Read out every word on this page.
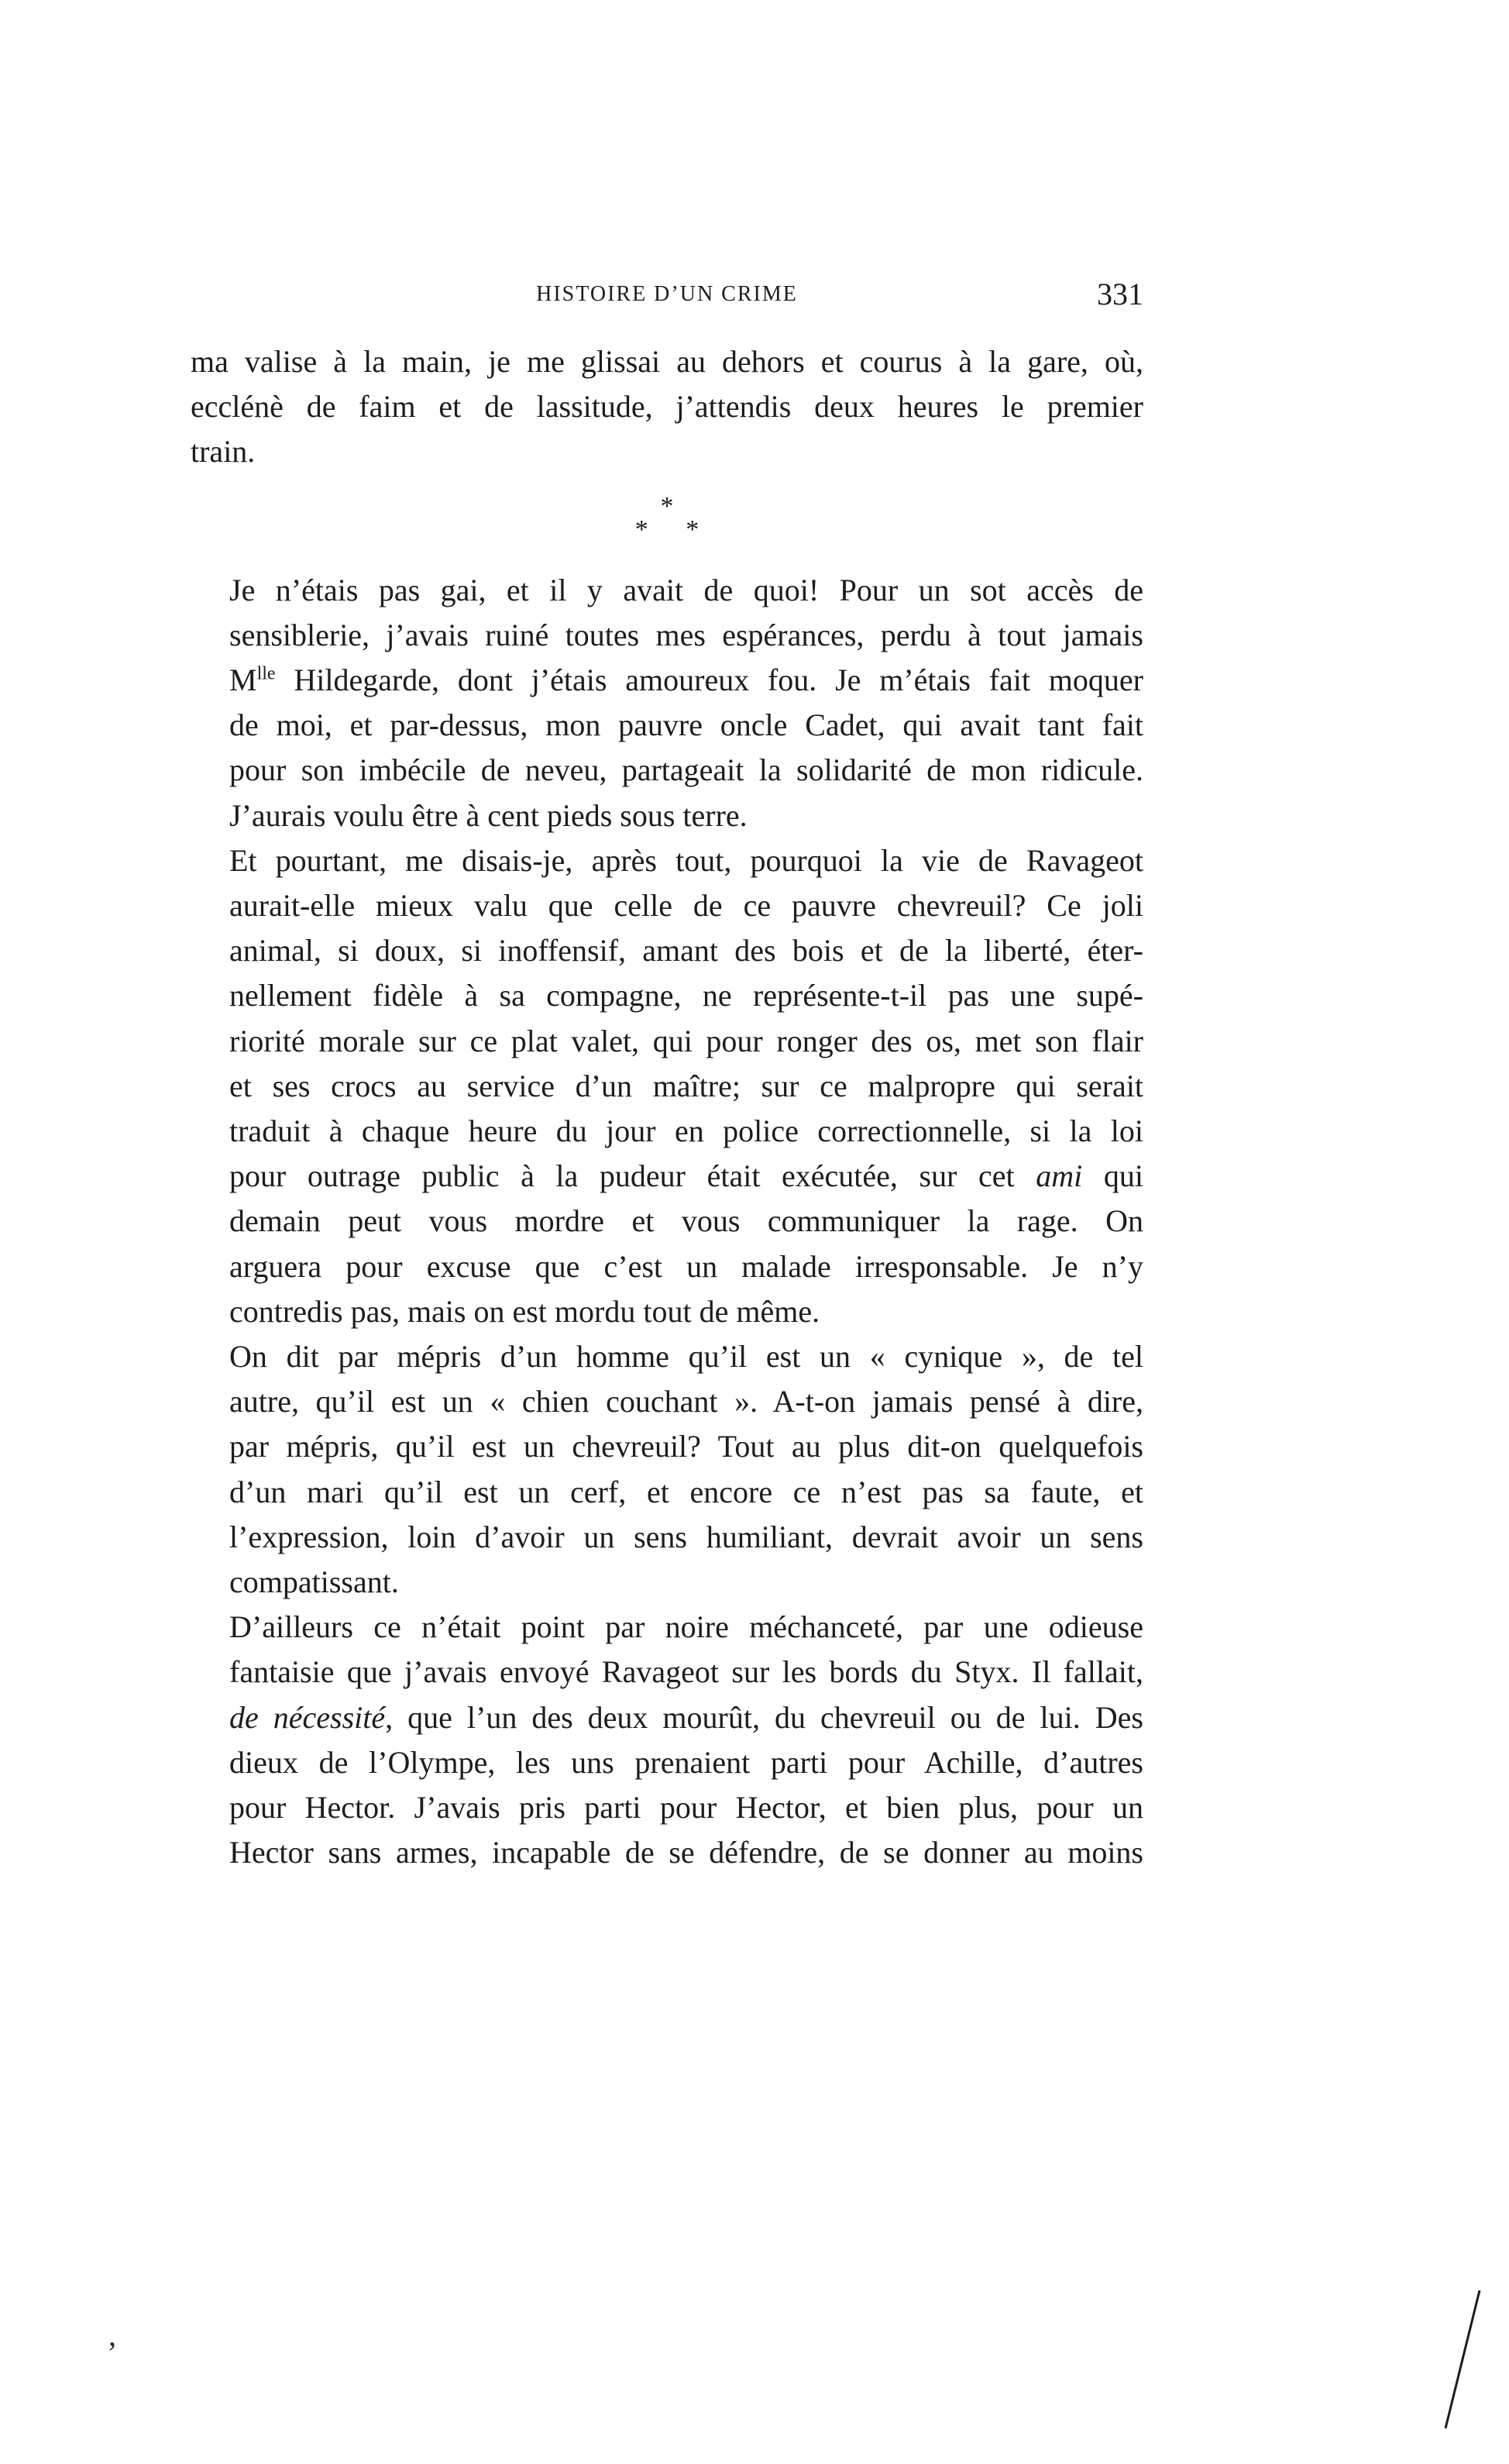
HISTOIRE D’UN CRIME	331

ma valise à la main, je me glissai au dehors et courus à la gare, où,
ecclénè de faim et de lassitude, j’attendis deux heures le premier
train.

*
* *

Je n’étais pas gai, et il y avait de quoi! Pour un sot accès de
sensiblerie, j’avais ruiné toutes mes espérances, perdu à tout jamais
$M^{lle}$ Hildegarde, dont j’étais amoureux fou. Je m’étais fait moquer
de moi, et par-dessus, mon pauvre oncle Cadet, qui avait tant fait
pour son imbécile de neveu, partageait la solidarité de mon ridicule.
J’aurais voulu être à cent pieds sous terre.

Et pourtant, me disais-je, après tout, pourquoi la vie de Ravageot
aurait-elle mieux valu que celle de ce pauvre chevreuil? Ce joli
animal, si doux, si inoffensif, amant des bois et de la liberté, éter-
nellement fidèle à sa compagne, ne représente-t-il pas une supé-
riorité morale sur ce plat valet, qui pour ronger des os, met son flair
et ses crocs au service d’un maître; sur ce malpropre qui serait
traduit à chaque heure du jour en police correctionnelle, si la loi
pour outrage public à la pudeur était exécutée, sur cet ami qui
demain peut vous mordre et vous communiquer la rage. On
arguera pour excuse que c’est un malade irresponsable. Je n’y
contredis pas, mais on est mordu tout de même.

On dit par mépris d’un homme qu’il est un « cynique », de tel
autre, qu’il est un « chien couchant ». A-t-on jamais pensé à dire,
par mépris, qu’il est un chevreuil? Tout au plus dit-on quelquefois
d’un mari qu’il est un cerf, et encore ce n’est pas sa faute, et
l’expression, loin d’avoir un sens humiliant, devrait avoir un sens
compatissant.

D’ailleurs ce n’était point par noire méchanceté, par une odieuse
fantaisie que j’avais envoyé Ravageot sur les bords du Styx. Il fallait,
de nécessité, que l’un des deux mourût, du chevreuil ou de lui. Des
dieux de l’Olympe, les uns prenaient parti pour Achille, d’autres
pour Hector. J’avais pris parti pour Hector, et bien plus, pour un
Hector sans armes, incapable de se défendre, de se donner au moins

,
